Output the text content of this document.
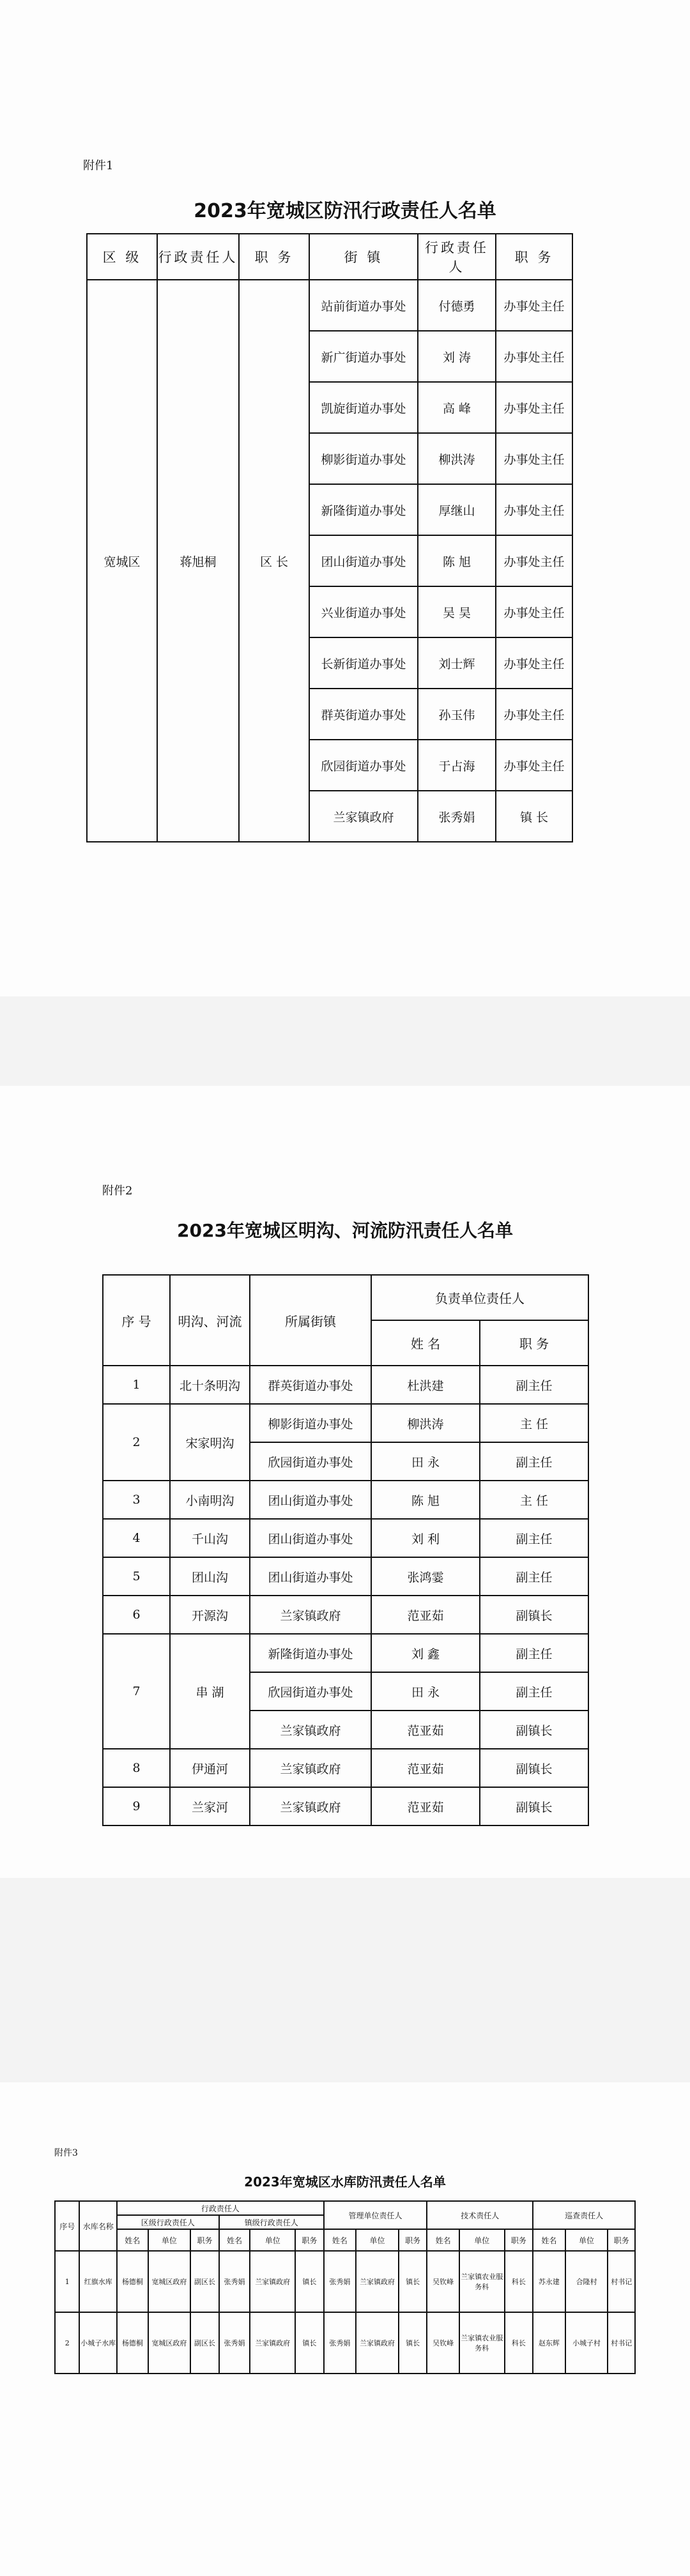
附件1
2023年宽城区防汛行政责任人名单
区 级	行政责任人	职 务	街 镇	行政责任人	职 务
宽城区	蒋旭桐	区 长	站前街道办事处	付德勇	办事处主任
			新广街道办事处	刘 涛	办事处主任
			凯旋街道办事处	高 峰	办事处主任
			柳影街道办事处	柳洪涛	办事处主任
			新隆街道办事处	厚继山	办事处主任
			团山街道办事处	陈 旭	办事处主任
			兴业街道办事处	吴 昊	办事处主任
			长新街道办事处	刘士辉	办事处主任
			群英街道办事处	孙玉伟	办事处主任
			欣园街道办事处	于占海	办事处主任
			兰家镇政府	张秀娟	镇 长
附件2
2023年宽城区明沟、河流防汛责任人名单
序 号	明沟、河流	所属街镇	负责单位责任人	
			姓 名	职 务
1	北十条明沟	群英街道办事处	杜洪建	副主任
2	宋家明沟	柳影街道办事处	柳洪涛	主 任
		欣园街道办事处	田 永	副主任
3	小南明沟	团山街道办事处	陈 旭	主 任
4	千山沟	团山街道办事处	刘 利	副主任
5	团山沟	团山街道办事处	张鸿霎	副主任
6	开源沟	兰家镇政府	范亚茹	副镇长
7	串 湖	新隆街道办事处	刘 鑫	副主任
		欣园街道办事处	田 永	副主任
		兰家镇政府	范亚茹	副镇长
8	伊通河	兰家镇政府	范亚茹	副镇长
9	兰家河	兰家镇政府	范亚茹	副镇长
附件3
2023年宽城区水库防汛责任人名单
序号	水库名称	行政责任人						管理单位责任人			技术责任人			巡查责任人		
		区级行政责任人			镇级行政责任人											
		姓名	单位	职务	姓名	单位	职务	姓名	单位	职务	姓名	单位	职务	姓名	单位	职务
1	红旗水库	杨德桐	宽城区政府	副区长	张秀娟	兰家镇政府	镇长	张秀娟	兰家镇政府	镇长	吴钦峰	兰家镇农业服务科	科长	苏永建	合隆村	村书记
2	小城子水库	杨德桐	宽城区政府	副区长	张秀娟	兰家镇政府	镇长	张秀娟	兰家镇政府	镇长	吴钦峰	兰家镇农业服务科	科长	赵东辉	小城子村	村书记
